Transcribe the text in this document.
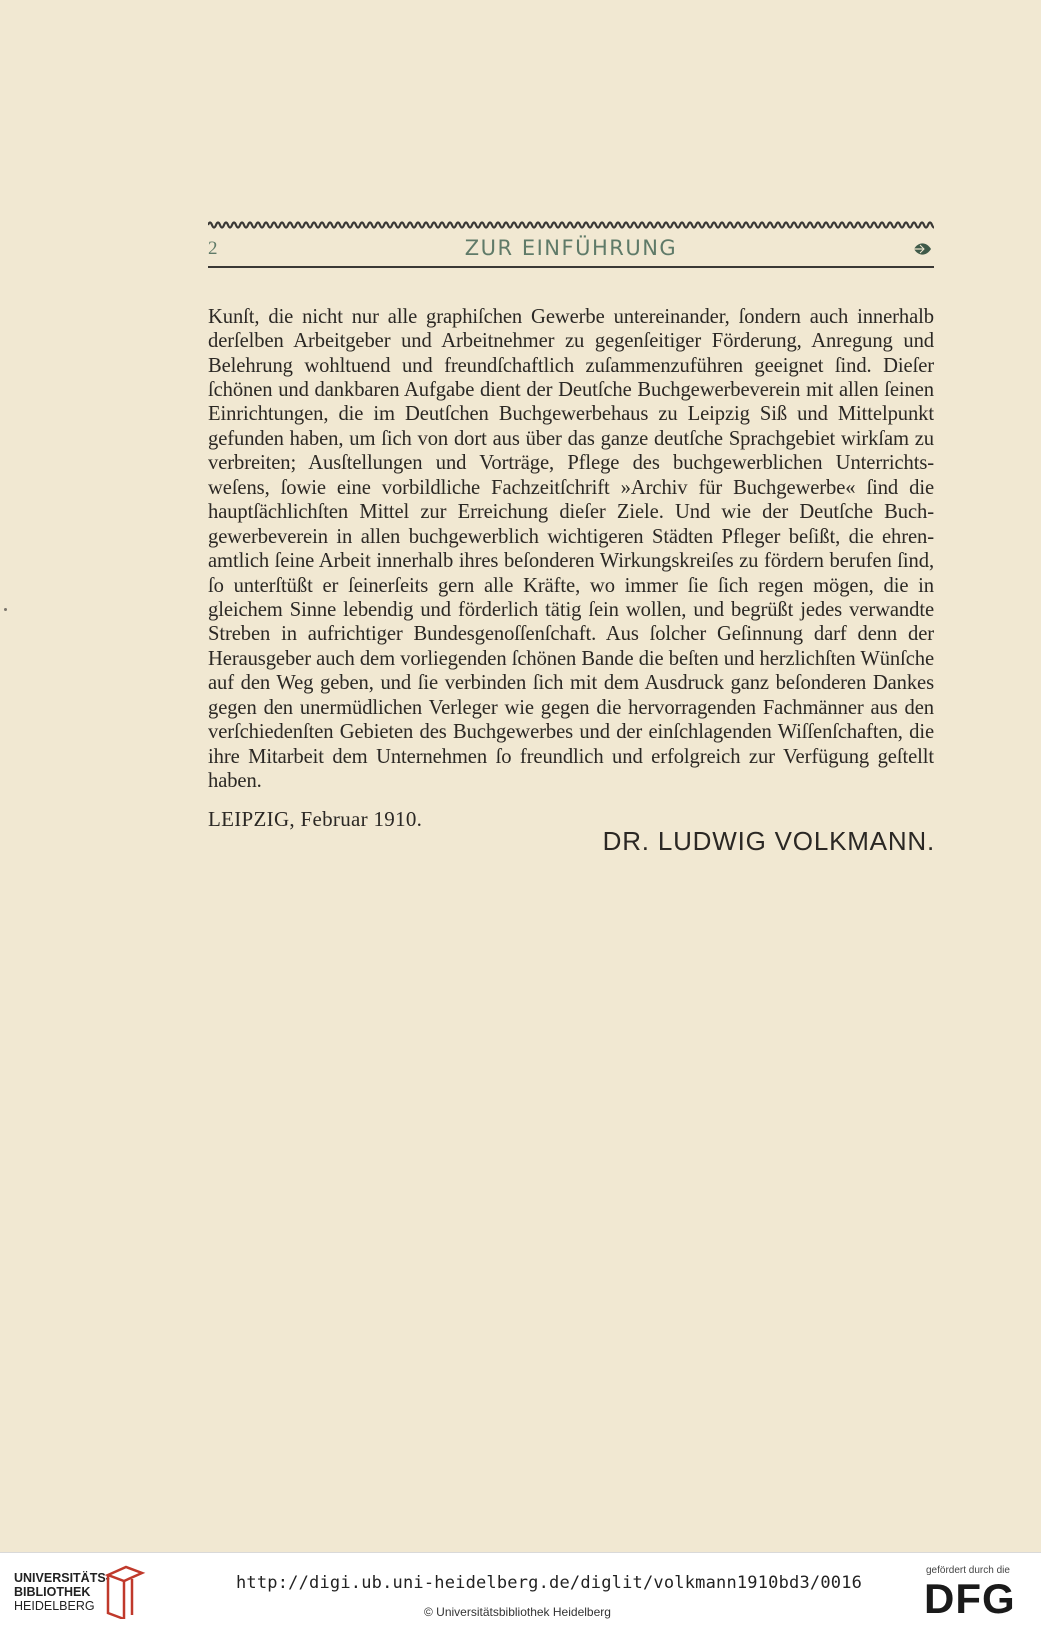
2	ZUR EINFÜHRUNG

Kunſt, die nicht nur alle graphiſchen Gewerbe untereinander, ſondern auch innerhalb derſelben Arbeitgeber und Arbeitnehmer zu gegenſeitiger Förderung, Anregung und Belehrung wohltuend und freundſchaftlich zuſammenzuführen geeignet ſind. Dieſer ſchönen und dankbaren Aufgabe dient der Deutſche Buchgewerbeverein mit allen ſeinen Einrichtungen, die im Deutſchen Buchgewerbehaus zu Leipzig Siß und Mittelpunkt gefunden haben, um ſich von dort aus über das ganze deutſche Sprachgebiet wirkſam zu verbreiten; Ausſtellungen und Vorträge, Pflege des buchgewerblichen Unterrichts-weſens, ſowie eine vorbildliche Fachzeitſchrift »Archiv für Buchgewerbe« ſind die hauptſächlichſten Mittel zur Erreichung dieſer Ziele. Und wie der Deutſche Buch-gewerbeverein in allen buchgewerblich wichtigeren Städten Pfleger beſißt, die ehren-amtlich ſeine Arbeit innerhalb ihres beſonderen Wirkungskreiſes zu fördern berufen ſind, ſo unterſtüßt er ſeinerſeits gern alle Kräfte, wo immer ſie ſich regen mögen, die in gleichem Sinne lebendig und förderlich tätig ſein wollen, und begrüßt jedes verwandte Streben in aufrichtiger Bundesgenoſſenſchaft. Aus ſolcher Geſinnung darf denn der Herausgeber auch dem vorliegenden ſchönen Bande die beſten und herzlichſten Wünſche auf den Weg geben, und ſie verbinden ſich mit dem Ausdruck ganz beſonderen Dankes gegen den unermüdlichen Verleger wie gegen die hervorragenden Fachmänner aus den verſchiedenſten Gebieten des Buchgewerbes und der einſchlagenden Wiſſenſchaften, die ihre Mitarbeit dem Unternehmen ſo freundlich und erfolgreich zur Verfügung geſtellt haben.

LEIPZIG, Februar 1910.
DR. LUDWIG VOLKMANN.
UNIVERSITÄTS-
BIBLIOTHEK
HEIDELBERG
http://digi.ub.uni-heidelberg.de/diglit/volkmann1910bd3/0016
© Universitätsbibliothek Heidelberg
gefördert durch die
DFG
